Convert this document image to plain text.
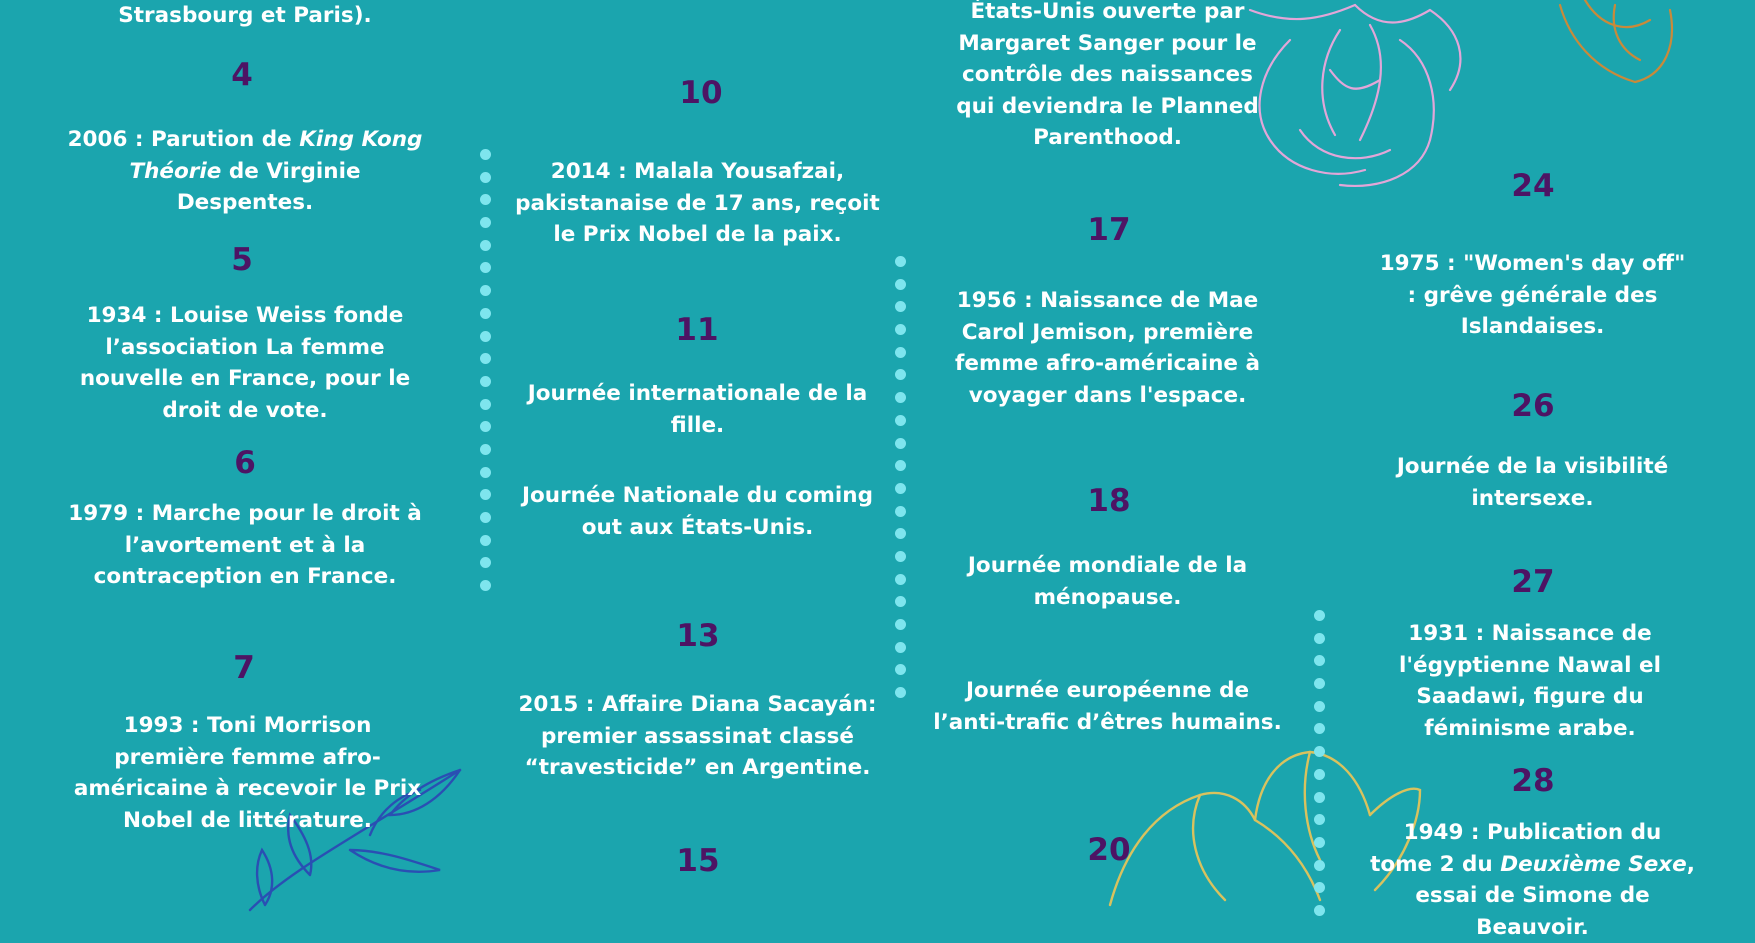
Strasbourg et Paris).
4
2006 : Parution de King Kong Théorie de Virginie Despentes.
5
1934 : Louise Weiss fonde l’association La femme nouvelle en France, pour le droit de vote.
6
1979 : Marche pour le droit à l’avortement et à la contraception en France.
7
1993 : Toni Morrison première femme afro-américaine à recevoir le Prix Nobel de littérature.
10
2014 : Malala Yousafzai, pakistanaise de 17 ans, reçoit le Prix Nobel de la paix.
11
Journée internationale de la fille.
Journée Nationale du coming out aux États-Unis.
13
2015 : Affaire Diana Sacayán: premier assassinat classé “travesticide” en Argentine.
15
États-Unis ouverte par Margaret Sanger pour le contrôle des naissances qui deviendra le Planned Parenthood.
17
1956 : Naissance de Mae Carol Jemison, première femme afro-américaine à voyager dans l'espace.
18
Journée mondiale de la ménopause.
Journée européenne de l’anti-trafic d’êtres humains.
20
24
1975 : "Women's day off" : grêve générale des Islandaises.
26
Journée de la visibilité intersexe.
27
1931 : Naissance de l'égyptienne Nawal el Saadawi, figure du féminisme arabe.
28
1949 : Publication du tome 2 du Deuxième Sexe, essai de Simone de Beauvoir.
